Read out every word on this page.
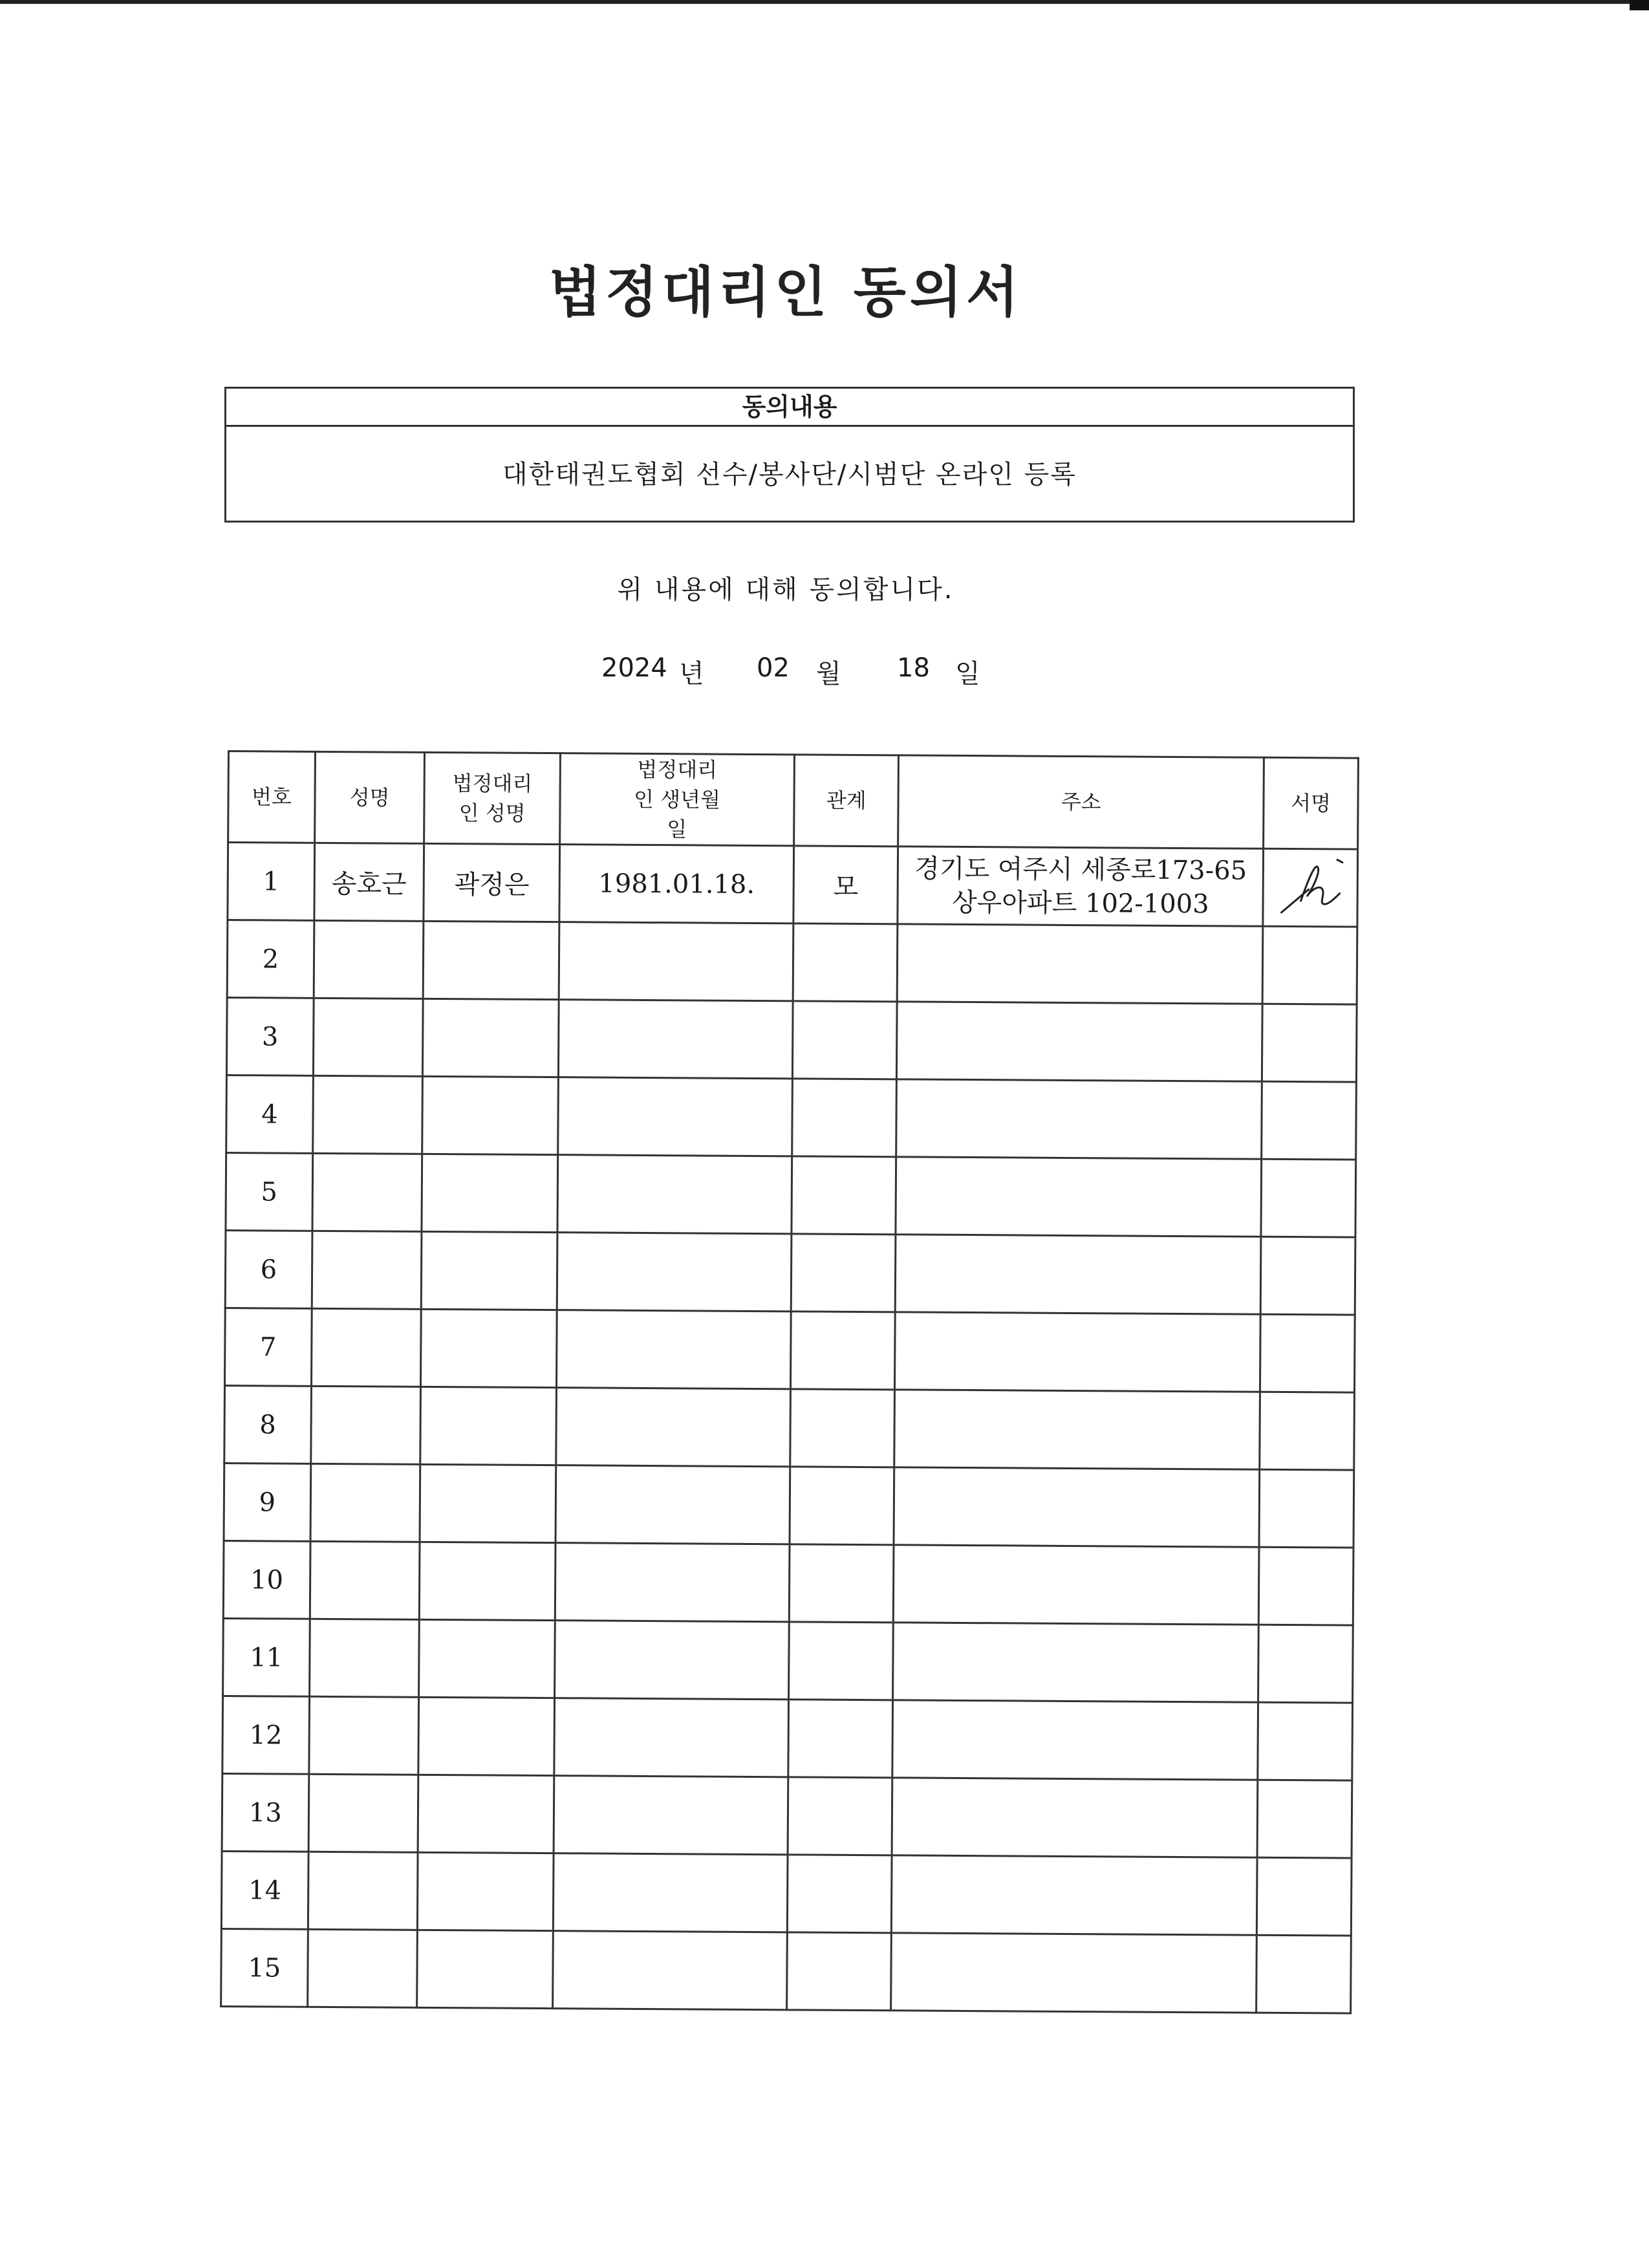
법정대리인 동의서
동의내용
대한태권도협회 선수/봉사단/시범단 온라인 등록
위 내용에 대해 동의합니다.
2024 년 02 월 18 일
번호	성명	법정대리인 성명	법정대리인 생년월일	관계	주소	서명
1	송호근	곽정은	1981.01.18.	모	경기도 여주시 세종로173-65
상우아파트 102-1003

2					

3					

4					

5					

6					

7					

8					

9					

10					

11					

12					

13					

14					

15					
